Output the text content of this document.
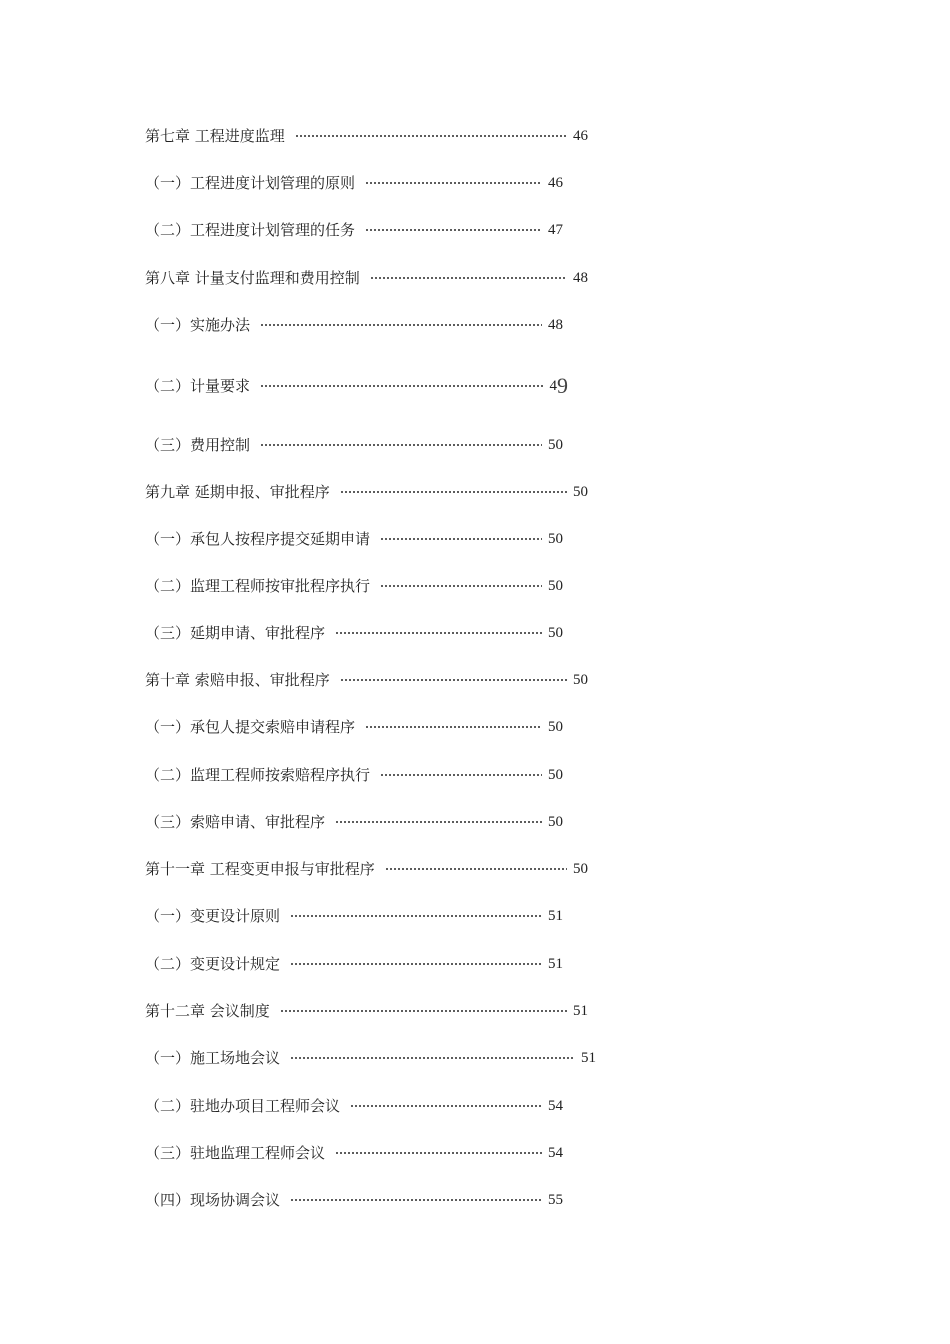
第七章 工程进度监理	46
（一）工程进度计划管理的原则	46
（二）工程进度计划管理的任务	47
第八章 计量支付监理和费用控制	48
（一）实施办法	48
（二）计量要求	4 9
（三）费用控制	50
第九章 延期申报、审批程序	50
（一）承包人按程序提交延期申请	50
（二）监理工程师按审批程序执行	50
（三）延期申请、审批程序	50
第十章 索赔申报、审批程序	50
（一）承包人提交索赔申请程序	50
（二）监理工程师按索赔程序执行	50
（三）索赔申请、审批程序	50
第十一章 工程变更申报与审批程序	50
（一）变更设计原则	51
（二）变更设计规定	51
第十二章 会议制度	51
（一）施工场地会议	51
（二）驻地办项目工程师会议	54
（三）驻地监理工程师会议	54
（四）现场协调会议	55
